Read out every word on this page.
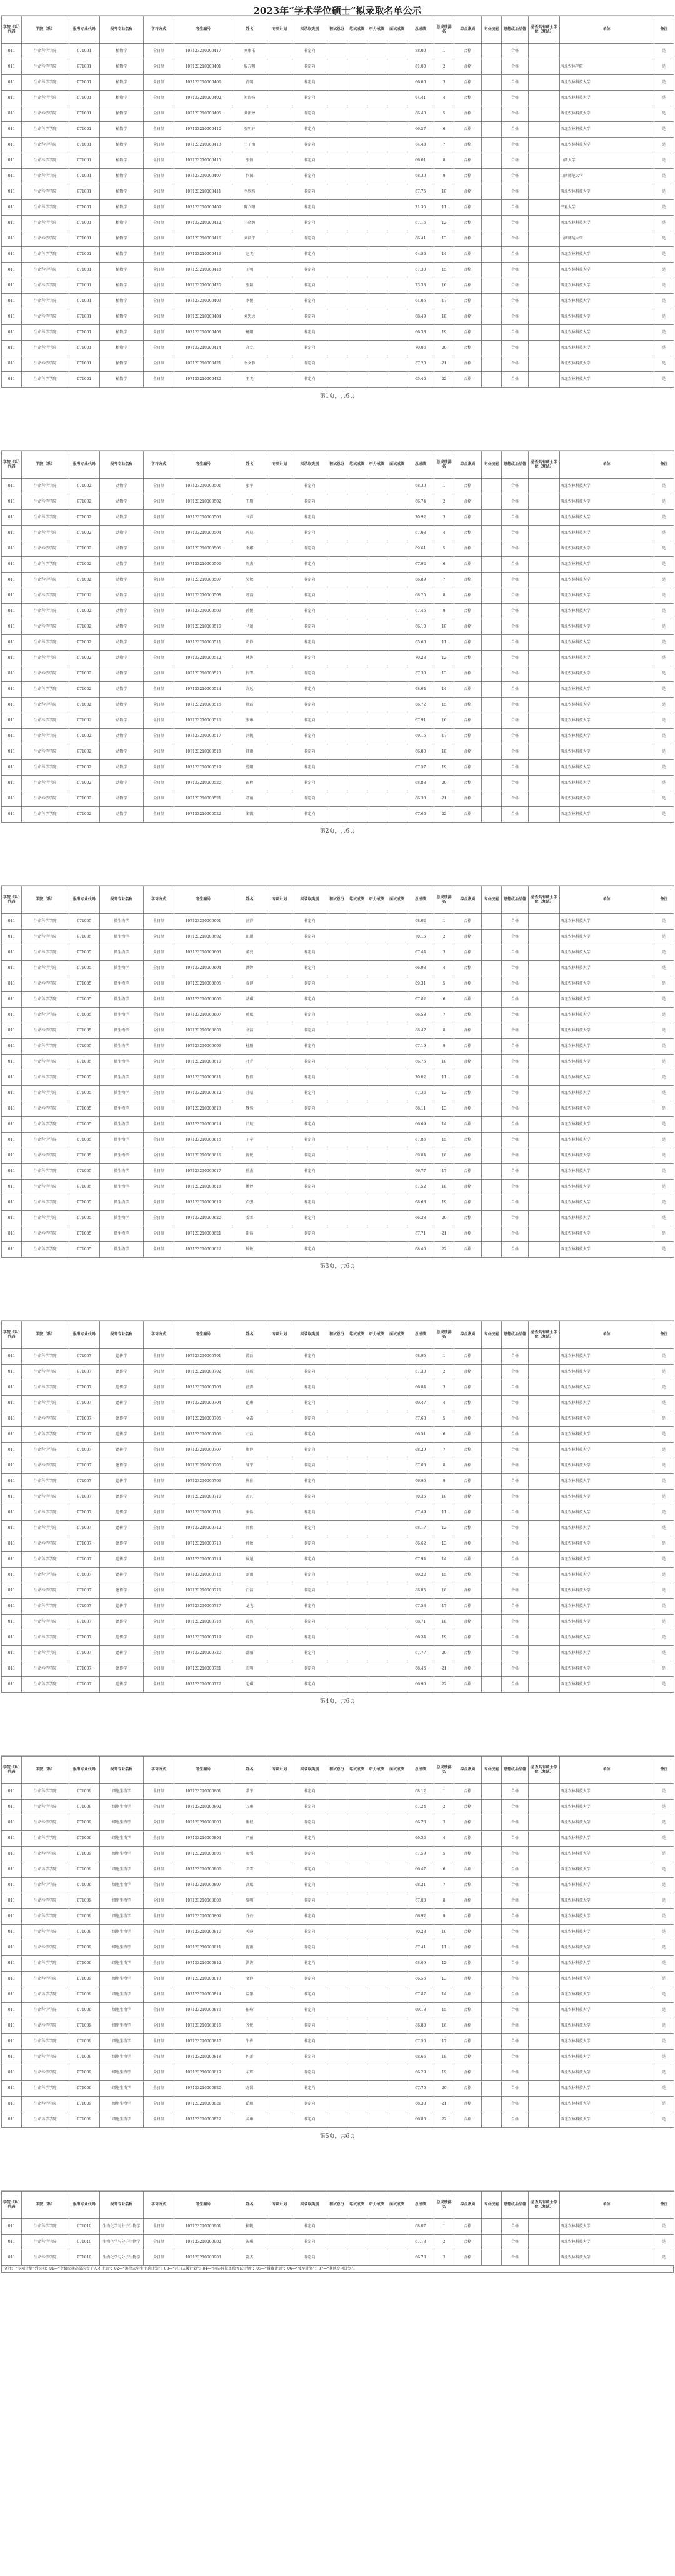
2023年“学术学位硕士”拟录取名单公示
学院（系）代码	学院（系）	报考专业代码	报考专业名称	学习方式	考生编号	姓名	专项计划	拟录取类别	初试总分	笔试成绩	听力成绩	面试成绩	总成绩	总成绩排名	综合素质	专业技能	思想政治品德	是否具有硕士学位（复试）	单位	备注
011	生命科学学院	071001	植物学	全日制	107123210000417	刘康乐		非定向					88.00	1	合格		合格			是
011	生命科学学院	071001	植物学	全日制	107123210000401	殷方明		非定向					81.00	2	合格		合格		河北农林学院	是
011	生命科学学院	071001	植物学	全日制	107123210000406	肖明		非定向					66.00	3	合格		合格		西北农林科技大学	是
011	生命科学学院	071001	植物学	全日制	107123210000402	祁海峰		非定向					64.41	4	合格		合格		西北农林科技大学	是
011	生命科学学院	071001	植物学	全日制	107123210000405	刘新婷		非定向					66.48	5	合格		合格		西北农林科技大学	是
011	生命科学学院	071001	植物学	全日制	107123210000410	张明轩		非定向					66.27	6	合格		合格		西北农林科技大学	是
011	生命科学学院	071001	植物学	全日制	107123210000413	王子怡		非定向					64.48	7	合格		合格		西北农林科技大学	是
011	生命科学学院	071001	植物学	全日制	107123210000415	张恒		非定向					66.01	8	合格		合格		山西大学	是
011	生命科学学院	071001	植物学	全日制	107123210000407	何园		非定向					68.30	9	合格		合格		山西师范大学	是
011	生命科学学院	071001	植物学	全日制	107123210000411	李欣然		非定向					67.75	10	合格		合格		西北农林科技大学	是
011	生命科学学院	071001	植物学	全日制	107123210000409	陈立阳		非定向					71.35	11	合格		合格		宁夏大学	是
011	生命科学学院	071001	植物学	全日制	107123210000412	王晓旭		非定向					67.15	12	合格		合格		西北农林科技大学	是
011	生命科学学院	071001	植物学	全日制	107123210000416	刘浩宇		非定向					66.41	13	合格		合格		山西师范大学	是
011	生命科学学院	071001	植物学	全日制	107123210000419	赵飞		非定向					64.80	14	合格		合格		西北农林科技大学	是
011	生命科学学院	071001	植物学	全日制	107123210000418	王明		非定向					67.30	15	合格		合格		西北农林科技大学	是
011	生命科学学院	071001	植物学	全日制	107123210000420	张颖		非定向					73.38	16	合格		合格		西北农林科技大学	是
011	生命科学学院	071001	植物学	全日制	107123210000403	李悦		非定向					64.05	17	合格		合格		西北农林科技大学	是
011	生命科学学院	071001	植物学	全日制	107123210000404	刘思远		非定向					68.49	18	合格		合格		西北农林科技大学	是
011	生命科学学院	071001	植物学	全日制	107123210000408	杨阳		非定向					66.38	19	合格		合格		西北农林科技大学	是
011	生命科学学院	071001	植物学	全日制	107123210000414	高文		非定向					70.06	20	合格		合格		西北农林科技大学	是
011	生命科学学院	071001	植物学	全日制	107123210000421	李文静		非定向					67.20	21	合格		合格		西北农林科技大学	是
011	生命科学学院	071001	植物学	全日制	107123210000422	王飞		非定向					65.40	22	合格		合格		西北农林科技大学	是
第1页，共6页
学院（系）代码	学院（系）	报考专业代码	报考专业名称	学习方式	考生编号	姓名	专项计划	拟录取类别	初试总分	笔试成绩	听力成绩	面试成绩	总成绩	总成绩排名	综合素质	专业技能	思想政治品德	是否具有硕士学位（复试）	单位	备注
011	生命科学学院	071002	动物学	全日制	107123210000501	张宇		非定向					68.30	1	合格		合格		西北农林科技大学	是
011	生命科学学院	071002	动物学	全日制	107123210000502	王鹏		非定向					66.74	2	合格		合格		西北农林科技大学	是
011	生命科学学院	071002	动物学	全日制	107123210000503	刘洋		非定向					70.92	3	合格		合格		西北农林科技大学	是
011	生命科学学院	071002	动物学	全日制	107123210000504	陈晨		非定向					67.03	4	合格		合格		西北农林科技大学	是
011	生命科学学院	071002	动物学	全日制	107123210000505	李娜		非定向					69.61	5	合格		合格		西北农林科技大学	是
011	生命科学学院	071002	动物学	全日制	107123210000506	周杰		非定向					67.92	6	合格		合格		西北农林科技大学	是
011	生命科学学院	071002	动物学	全日制	107123210000507	吴敏		非定向					66.89	7	合格		合格		西北农林科技大学	是
011	生命科学学院	071002	动物学	全日制	107123210000508	郑浩		非定向					68.25	8	合格		合格		西北农林科技大学	是
011	生命科学学院	071002	动物学	全日制	107123210000509	孙悦		非定向					67.45	9	合格		合格		西北农林科技大学	是
011	生命科学学院	071002	动物学	全日制	107123210000510	马超		非定向					66.10	10	合格		合格		西北农林科技大学	是
011	生命科学学院	071002	动物学	全日制	107123210000511	胡静		非定向					65.60	11	合格		合格		西北农林科技大学	是
011	生命科学学院	071002	动物学	全日制	107123210000512	林涛		非定向					70.23	12	合格		合格		西北农林科技大学	是
011	生命科学学院	071002	动物学	全日制	107123210000513	何雪		非定向					67.38	13	合格		合格		西北农林科技大学	是
011	生命科学学院	071002	动物学	全日制	107123210000514	高远		非定向					68.04	14	合格		合格		西北农林科技大学	是
011	生命科学学院	071002	动物学	全日制	107123210000515	徐磊		非定向					66.72	15	合格		合格		西北农林科技大学	是
011	生命科学学院	071002	动物学	全日制	107123210000516	朱琳		非定向					67.91	16	合格		合格		西北农林科技大学	是
011	生命科学学院	071002	动物学	全日制	107123210000517	冯帆		非定向					69.15	17	合格		合格		西北农林科技大学	是
011	生命科学学院	071002	动物学	全日制	107123210000518	韩雨		非定向					66.80	18	合格		合格		西北农林科技大学	是
011	生命科学学院	071002	动物学	全日制	107123210000519	曹阳		非定向					67.57	19	合格		合格		西北农林科技大学	是
011	生命科学学院	071002	动物学	全日制	107123210000520	彭程		非定向					68.88	20	合格		合格		西北农林科技大学	是
011	生命科学学院	071002	动物学	全日制	107123210000521	邓丽		非定向					66.33	21	合格		合格		西北农林科技大学	是
011	生命科学学院	071002	动物学	全日制	107123210000522	宋凯		非定向					67.66	22	合格		合格		西北农林科技大学	是
第2页，共6页
学院（系）代码	学院（系）	报考专业代码	报考专业名称	学习方式	考生编号	姓名	专项计划	拟录取类别	初试总分	笔试成绩	听力成绩	面试成绩	总成绩	总成绩排名	综合素质	专业技能	思想政治品德	是否具有硕士学位（复试）	单位	备注
011	生命科学学院	071005	微生物学	全日制	107123210000601	汪洋		非定向					68.02	1	合格		合格		西北农林科技大学	是
011	生命科学学院	071005	微生物学	全日制	107123210000602	田甜		非定向					70.15	2	合格		合格		西北农林科技大学	是
011	生命科学学院	071005	微生物学	全日制	107123210000603	董亮		非定向					67.44	3	合格		合格		西北农林科技大学	是
011	生命科学学院	071005	微生物学	全日制	107123210000604	潘婷		非定向					66.93	4	合格		合格		西北农林科技大学	是
011	生命科学学院	071005	微生物学	全日制	107123210000605	袁博		非定向					69.31	5	合格		合格		西北农林科技大学	是
011	生命科学学院	071005	微生物学	全日制	107123210000606	蔡琪		非定向					67.82	6	合格		合格		西北农林科技大学	是
011	生命科学学院	071005	微生物学	全日制	107123210000607	蒋斌		非定向					66.58	7	合格		合格		西北农林科技大学	是
011	生命科学学院	071005	微生物学	全日制	107123210000608	余洁		非定向					68.47	8	合格		合格		西北农林科技大学	是
011	生命科学学院	071005	微生物学	全日制	107123210000609	杜鹏		非定向					67.19	9	合格		合格		西北农林科技大学	是
011	生命科学学院	071005	微生物学	全日制	107123210000610	叶青		非定向					66.75	10	合格		合格		西北农林科技大学	是
011	生命科学学院	071005	微生物学	全日制	107123210000611	程伟		非定向					70.02	11	合格		合格		西北农林科技大学	是
011	生命科学学院	071005	微生物学	全日制	107123210000612	苏晴		非定向					67.36	12	合格		合格		西北农林科技大学	是
011	生命科学学院	071005	微生物学	全日制	107123210000613	魏然		非定向					68.11	13	合格		合格		西北农林科技大学	是
011	生命科学学院	071005	微生物学	全日制	107123210000614	吕航		非定向					66.69	14	合格		合格		西北农林科技大学	是
011	生命科学学院	071005	微生物学	全日制	107123210000615	丁宁		非定向					67.85	15	合格		合格		西北农林科技大学	是
011	生命科学学院	071005	微生物学	全日制	107123210000616	沈悦		非定向					69.04	16	合格		合格		西北农林科技大学	是
011	生命科学学院	071005	微生物学	全日制	107123210000617	任杰		非定向					66.77	17	合格		合格		西北农林科技大学	是
011	生命科学学院	071005	微生物学	全日制	107123210000618	姚婷		非定向					67.52	18	合格		合格		西北农林科技大学	是
011	生命科学学院	071005	微生物学	全日制	107123210000619	卢强		非定向					68.63	19	合格		合格		西北农林科技大学	是
011	生命科学学院	071005	微生物学	全日制	107123210000620	姜雪		非定向					66.28	20	合格		合格		西北农林科技大学	是
011	生命科学学院	071005	微生物学	全日制	107123210000621	崔浩		非定向					67.71	21	合格		合格		西北农林科技大学	是
011	生命科学学院	071005	微生物学	全日制	107123210000622	钟敏		非定向					68.40	22	合格		合格		西北农林科技大学	是
第3页，共6页
学院（系）代码	学院（系）	报考专业代码	报考专业名称	学习方式	考生编号	姓名	专项计划	拟录取类别	初试总分	笔试成绩	听力成绩	面试成绩	总成绩	总成绩排名	综合素质	专业技能	思想政治品德	是否具有硕士学位（复试）	单位	备注
011	生命科学学院	071007	遗传学	全日制	107123210000701	谭磊		非定向					68.95	1	合格		合格		西北农林科技大学	是
011	生命科学学院	071007	遗传学	全日制	107123210000702	陆瑶		非定向					67.30	2	合格		合格		西北农林科技大学	是
011	生命科学学院	071007	遗传学	全日制	107123210000703	汪涛		非定向					66.84	3	合格		合格		西北农林科技大学	是
011	生命科学学院	071007	遗传学	全日制	107123210000704	范琳		非定向					69.47	4	合格		合格		西北农林科技大学	是
011	生命科学学院	071007	遗传学	全日制	107123210000705	金鑫		非定向					67.63	5	合格		合格		西北农林科技大学	是
011	生命科学学院	071007	遗传学	全日制	107123210000706	石磊		非定向					66.51	6	合格		合格		西北农林科技大学	是
011	生命科学学院	071007	遗传学	全日制	107123210000707	廖静		非定向					68.29	7	合格		合格		西北农林科技大学	是
011	生命科学学院	071007	遗传学	全日制	107123210000708	邹宇		非定向					67.08	8	合格		合格		西北农林科技大学	是
011	生命科学学院	071007	遗传学	全日制	107123210000709	熊佳		非定向					66.96	9	合格		合格		西北农林科技大学	是
011	生命科学学院	071007	遗传学	全日制	107123210000710	孟凡		非定向					70.35	10	合格		合格		西北农林科技大学	是
011	生命科学学院	071007	遗传学	全日制	107123210000711	秦怡		非定向					67.49	11	合格		合格		西北农林科技大学	是
011	生命科学学院	071007	遗传学	全日制	107123210000712	阎伟		非定向					68.17	12	合格		合格		西北农林科技大学	是
011	生命科学学院	071007	遗传学	全日制	107123210000713	薛敏		非定向					66.62	13	合格		合格		西北农林科技大学	是
011	生命科学学院	071007	遗传学	全日制	107123210000714	侯超		非定向					67.94	14	合格		合格		西北农林科技大学	是
011	生命科学学院	071007	遗传学	全日制	107123210000715	雷雨		非定向					69.22	15	合格		合格		西北农林科技大学	是
011	生命科学学院	071007	遗传学	全日制	107123210000716	白洁		非定向					66.85	16	合格		合格		西北农林科技大学	是
011	生命科学学院	071007	遗传学	全日制	107123210000717	龙飞		非定向					67.58	17	合格		合格		西北农林科技大学	是
011	生命科学学院	071007	遗传学	全日制	107123210000718	段然		非定向					68.71	18	合格		合格		西北农林科技大学	是
011	生命科学学院	071007	遗传学	全日制	107123210000719	郝静		非定向					66.34	19	合格		合格		西北农林科技大学	是
011	生命科学学院	071007	遗传学	全日制	107123210000720	邵阳		非定向					67.77	20	合格		合格		西北农林科技大学	是
011	生命科学学院	071007	遗传学	全日制	107123210000721	孔明		非定向					68.46	21	合格		合格		西北农林科技大学	是
011	生命科学学院	071007	遗传学	全日制	107123210000722	毛琪		非定向					66.90	22	合格		合格		西北农林科技大学	是
第4页，共6页
学院（系）代码	学院（系）	报考专业代码	报考专业名称	学习方式	考生编号	姓名	专项计划	拟录取类别	初试总分	笔试成绩	听力成绩	面试成绩	总成绩	总成绩排名	综合素质	专业技能	思想政治品德	是否具有硕士学位（复试）	单位	备注
011	生命科学学院	071009	细胞生物学	全日制	107123210000801	常宇		非定向					68.12	1	合格		合格		西北农林科技大学	是
011	生命科学学院	071009	细胞生物学	全日制	107123210000802	万琳		非定向					67.24	2	合格		合格		西北农林科技大学	是
011	生命科学学院	071009	细胞生物学	全日制	107123210000803	康健		非定向					66.78	3	合格		合格		西北农林科技大学	是
011	生命科学学院	071009	细胞生物学	全日制	107123210000804	严丽		非定向					69.36	4	合格		合格		西北农林科技大学	是
011	生命科学学院	071009	细胞生物学	全日制	107123210000805	贺强		非定向					67.59	5	合格		合格		西北农林科技大学	是
011	生命科学学院	071009	细胞生物学	全日制	107123210000806	尹雪		非定向					66.47	6	合格		合格		西北农林科技大学	是
011	生命科学学院	071009	细胞生物学	全日制	107123210000807	武斌		非定向					68.21	7	合格		合格		西北农林科技大学	是
011	生命科学学院	071009	细胞生物学	全日制	107123210000808	黎明		非定向					67.03	8	合格		合格		西北农林科技大学	是
011	生命科学学院	071009	细胞生物学	全日制	107123210000809	乔丹		非定向					66.92	9	合格		合格		西北农林科技大学	是
011	生命科学学院	071009	细胞生物学	全日制	107123210000810	关晓		非定向					70.28	10	合格		合格		西北农林科技大学	是
011	生命科学学院	071009	细胞生物学	全日制	107123210000811	施雨		非定向					67.41	11	合格		合格		西北农林科技大学	是
011	生命科学学院	071009	细胞生物学	全日制	107123210000812	洪涛		非定向					68.09	12	合格		合格		西北农林科技大学	是
011	生命科学学院	071009	细胞生物学	全日制	107123210000813	文静		非定向					66.55	13	合格		合格		西北农林科技大学	是
011	生命科学学院	071009	细胞生物学	全日制	107123210000814	温馨		非定向					67.87	14	合格		合格		西北农林科技大学	是
011	生命科学学院	071009	细胞生物学	全日制	107123210000815	伍峰		非定向					69.13	15	合格		合格		西北农林科技大学	是
011	生命科学学院	071009	细胞生物学	全日制	107123210000816	齐悦		非定向					66.80	16	合格		合格		西北农林科技大学	是
011	生命科学学院	071009	细胞生物学	全日制	107123210000817	牛犇		非定向					67.50	17	合格		合格		西北农林科技大学	是
011	生命科学学院	071009	细胞生物学	全日制	107123210000818	包蕾		非定向					68.66	18	合格		合格		西北农林科技大学	是
011	生命科学学院	071009	细胞生物学	全日制	107123210000819	车辉		非定向					66.29	19	合格		合格		西北农林科技大学	是
011	生命科学学院	071009	细胞生物学	全日制	107123210000820	方圆		非定向					67.70	20	合格		合格		西北农林科技大学	是
011	生命科学学院	071009	细胞生物学	全日制	107123210000821	岳鹏		非定向					68.38	21	合格		合格		西北农林科技大学	是
011	生命科学学院	071009	细胞生物学	全日制	107123210000822	裴琳		非定向					66.86	22	合格		合格		西北农林科技大学	是
第5页，共6页
学院（系）代码	学院（系）	报考专业代码	报考专业名称	学习方式	考生编号	姓名	专项计划	拟录取类别	初试总分	笔试成绩	听力成绩	面试成绩	总成绩	总成绩排名	综合素质	专业技能	思想政治品德	是否具有硕士学位（复试）	单位	备注
011	生命科学学院	071010	生物化学与分子生物学	全日制	107123210000901	杭帆		非定向					68.07	1	合格		合格		西北农林科技大学	是
011	生命科学学院	071010	生物化学与分子生物学	全日制	107123210000902	祝琪		非定向					67.18	2	合格		合格		西北农林科技大学	是
011	生命科学学院	071010	生物化学与分子生物学	全日制	107123210000903	符杰		非定向					66.73	3	合格		合格		西北农林科技大学	是
备注：“专项计划”列说明：01—“少数民族高层次骨干人才计划”；02—“退役大学生士兵计划”；03—“对口支援计划”；04—“国防科技单独考试计划”；05—“援藏计划”；06—“强军计划”；07—“其他专项计划”。
